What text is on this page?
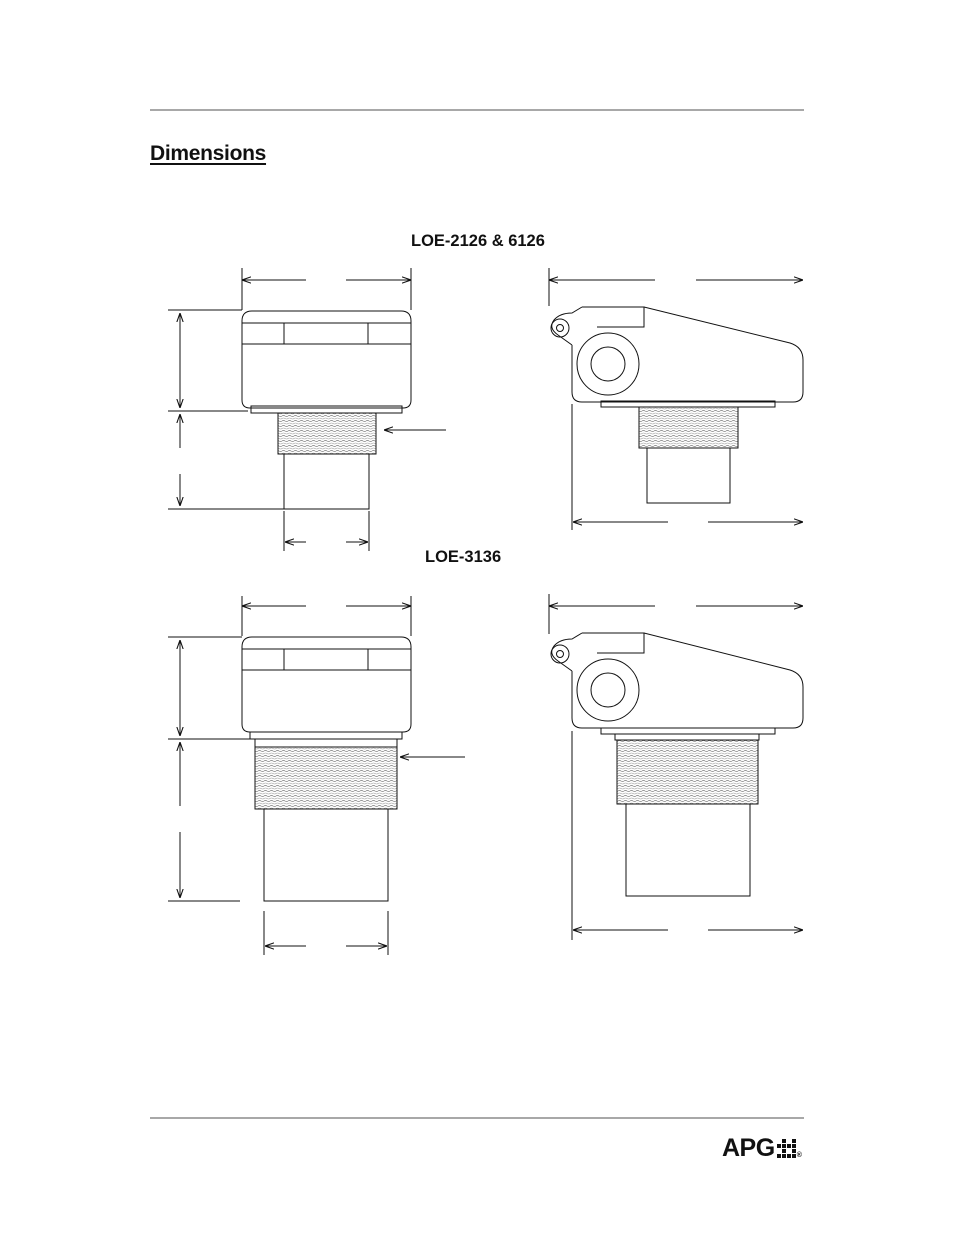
Dimensions
LOE-2126 & 6126
LOE-3136
APG	®
